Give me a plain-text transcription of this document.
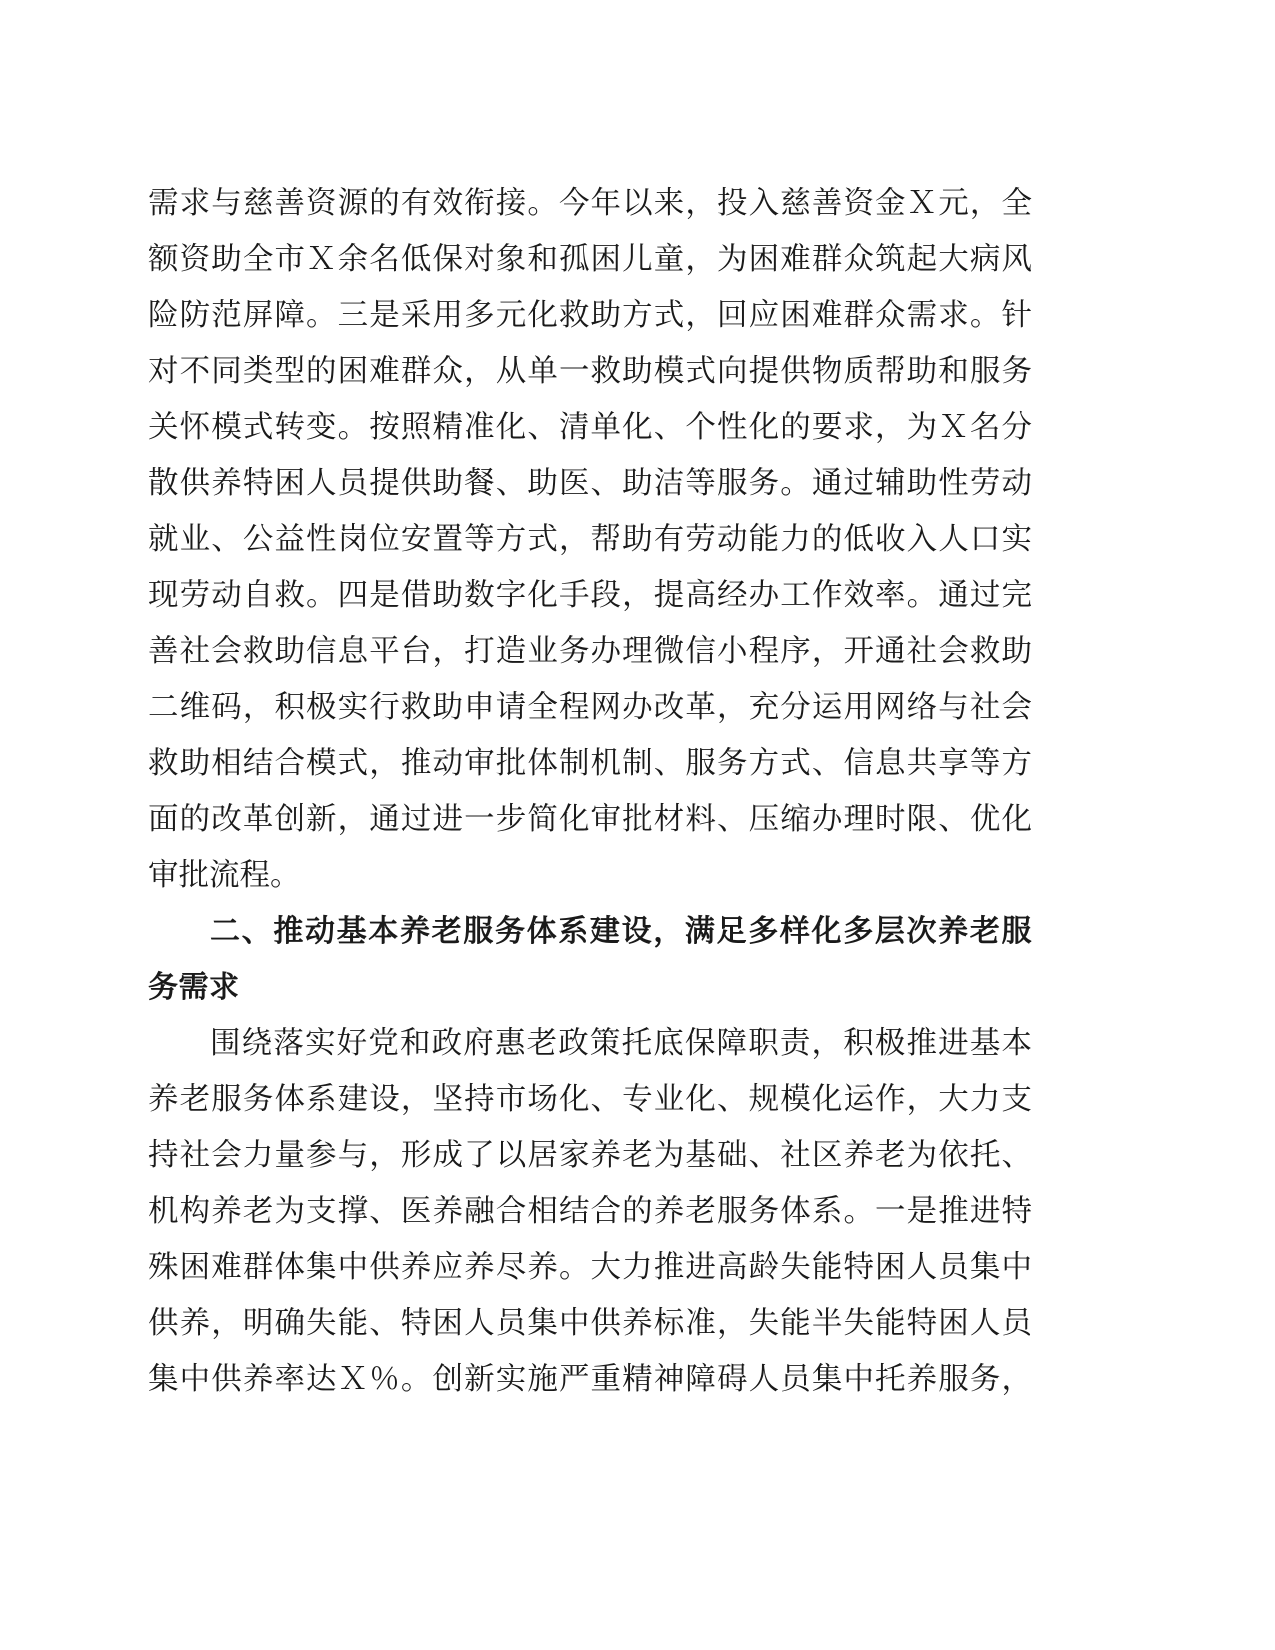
需求与慈善资源的有效衔接。今年以来，投入慈善资金Ｘ元，全
额资助全市Ｘ余名低保对象和孤困儿童，为困难群众筑起大病风
险防范屏障。三是采用多元化救助方式，回应困难群众需求。针
对不同类型的困难群众，从单一救助模式向提供物质帮助和服务
关怀模式转变。按照精准化、清单化、个性化的要求，为Ｘ名分
散供养特困人员提供助餐、助医、助洁等服务。通过辅助性劳动
就业、公益性岗位安置等方式，帮助有劳动能力的低收入人口实
现劳动自救。四是借助数字化手段，提高经办工作效率。通过完
善社会救助信息平台，打造业务办理微信小程序，开通社会救助
二维码，积极实行救助申请全程网办改革，充分运用网络与社会
救助相结合模式，推动审批体制机制、服务方式、信息共享等方
面的改革创新，通过进一步简化审批材料、压缩办理时限、优化
审批流程。
二、推动基本养老服务体系建设，满足多样化多层次养老服
务需求
围绕落实好党和政府惠老政策托底保障职责，积极推进基本
养老服务体系建设，坚持市场化、专业化、规模化运作，大力支
持社会力量参与，形成了以居家养老为基础、社区养老为依托、
机构养老为支撑、医养融合相结合的养老服务体系。一是推进特
殊困难群体集中供养应养尽养。大力推进高龄失能特困人员集中
供养，明确失能、特困人员集中供养标准，失能半失能特困人员
集中供养率达Ｘ％。创新实施严重精神障碍人员集中托养服务，
